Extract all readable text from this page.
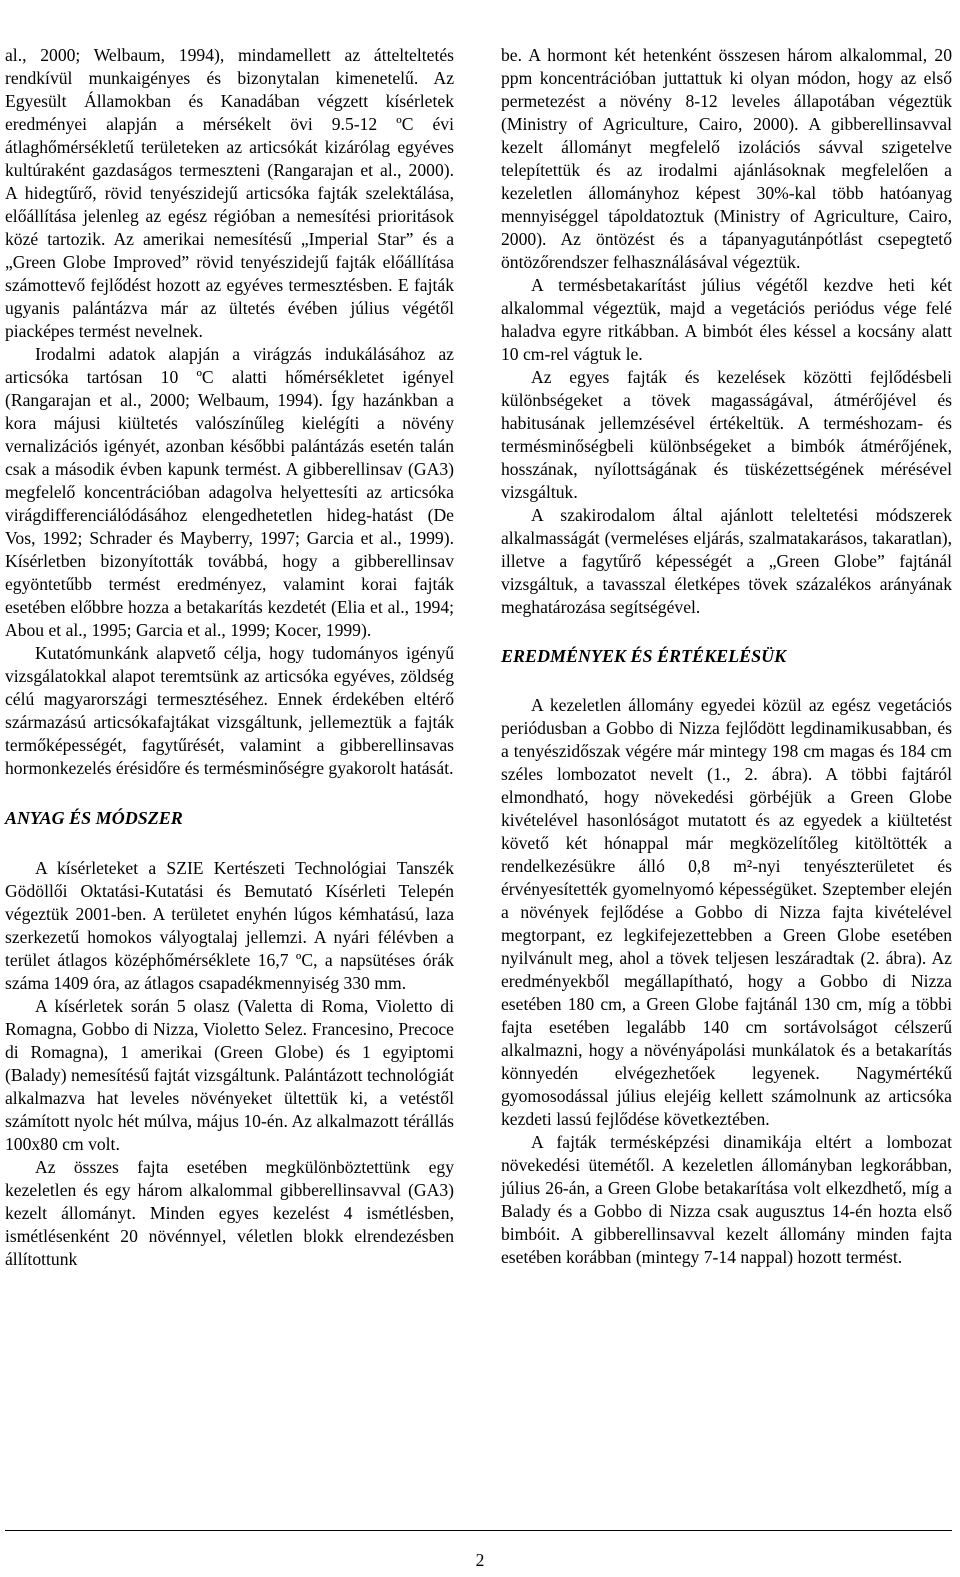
al., 2000; Welbaum, 1994), mindamellett az áttelteltetés rendkívül munkaigényes és bizonytalan kimenetelű. Az Egyesült Államokban és Kanadában végzett kísérletek eredményei alapján a mérsékelt övi 9.5-12 ºC évi átlaghőmérsékletű területeken az articsókát kizárólag egyéves kultúraként gazdaságos termeszteni (Rangarajan et al., 2000). A hidegtűrő, rövid tenyészidejű articsóka fajták szelektálása, előállítása jelenleg az egész régióban a nemesítési prioritások közé tartozik. Az amerikai nemesítésű „Imperial Star” és a „Green Globe Improved” rövid tenyészidejű fajták előállítása számottevő fejlődést hozott az egyéves termesztésben. E fajták ugyanis palántázva már az ültetés évében július végétől piacképes termést nevelnek.

Irodalmi adatok alapján a virágzás indukálásához az articsóka tartósan 10 ºC alatti hőmérsékletet igényel (Rangarajan et al., 2000; Welbaum, 1994). Így hazánkban a kora májusi kiültetés valószínűleg kielégíti a növény vernalizációs igényét, azonban későbbi palántázás esetén talán csak a második évben kapunk termést. A gibberellinsav (GA3) megfelelő koncentrációban adagolva helyettesíti az articsóka virágdifferenciálódásához elengedhetetlen hideg-hatást (De Vos, 1992; Schrader és Mayberry, 1997; Garcia et al., 1999). Kísérletben bizonyították továbbá, hogy a gibberellinsav egyöntetűbb termést eredményez, valamint korai fajták esetében előbbre hozza a betakarítás kezdetét (Elia et al., 1994; Abou et al., 1995; Garcia et al., 1999; Kocer, 1999).

Kutatómunkánk alapvető célja, hogy tudományos igényű vizsgálatokkal alapot teremtsünk az articsóka egyéves, zöldség célú magyarországi termesztéséhez. Ennek érdekében eltérő származású articsókafajtákat vizsgáltunk, jellemeztük a fajták termőképességét, fagytűrését, valamint a gibberellinsavas hormonkezelés érésidőre és termésminőségre gyakorolt hatását.

ANYAG ÉS MÓDSZER

A kísérleteket a SZIE Kertészeti Technológiai Tanszék Gödöllői Oktatási-Kutatási és Bemutató Kísérleti Telepén végeztük 2001-ben. A területet enyhén lúgos kémhatású, laza szerkezetű homokos vályogtalaj jellemzi. A nyári félévben a terület átlagos középhőmérséklete 16,7 ºC, a napsütéses órák száma 1409 óra, az átlagos csapadékmennyiség 330 mm.

A kísérletek során 5 olasz (Valetta di Roma, Violetto di Romagna, Gobbo di Nizza, Violetto Selez. Francesino, Precoce di Romagna), 1 amerikai (Green Globe) és 1 egyiptomi (Balady) nemesítésű fajtát vizsgáltunk. Palántázott technológiát alkalmazva hat leveles növényeket ültettük ki, a vetéstől számított nyolc hét múlva, május 10-én. Az alkalmazott térállás 100x80 cm volt.

Az összes fajta esetében megkülönböztettünk egy kezeletlen és egy három alkalommal gibberellinsavval (GA3) kezelt állományt. Minden egyes kezelést 4 ismétlésben, ismétlésenként 20 növénnyel, véletlen blokk elrendezésben állítottunk

be. A hormont két hetenként összesen három alkalommal, 20 ppm koncentrációban juttattuk ki olyan módon, hogy az első permetezést a növény 8-12 leveles állapotában végeztük (Ministry of Agriculture, Cairo, 2000). A gibberellinsavval kezelt állományt megfelelő izolációs sávval szigetelve telepítettük és az irodalmi ajánlásoknak megfelelően a kezeletlen állományhoz képest 30%-kal több hatóanyag mennyiséggel tápoldatoztuk (Ministry of Agriculture, Cairo, 2000). Az öntözést és a tápanyagutánpótlást csepegtető öntözőrendszer felhasználásával végeztük.

A termésbetakarítást július végétől kezdve heti két alkalommal végeztük, majd a vegetációs periódus vége felé haladva egyre ritkábban. A bimbót éles késsel a kocsány alatt 10 cm-rel vágtuk le.

Az egyes fajták és kezelések közötti fejlődésbeli különbségeket a tövek magasságával, átmérőjével és habitusának jellemzésével értékeltük. A terméshozam- és termésminőségbeli különbségeket a bimbók átmérőjének, hosszának, nyílottságának és tüskézettségének mérésével vizsgáltuk.

A szakirodalom által ajánlott teleltetési módszerek alkalmasságát (vermeléses eljárás, szalmatakarásos, takaratlan), illetve a fagytűrő képességét a „Green Globe” fajtánál vizsgáltuk, a tavasszal életképes tövek százalékos arányának meghatározása segítségével.

EREDMÉNYEK ÉS ÉRTÉKELÉSÜK

A kezeletlen állomány egyedei közül az egész vegetációs periódusban a Gobbo di Nizza fejlődött legdinamikusabban, és a tenyészidőszak végére már mintegy 198 cm magas és 184 cm széles lombozatot nevelt (1., 2. ábra). A többi fajtáról elmondható, hogy növekedési görbéjük a Green Globe kivételével hasonlóságot mutatott és az egyedek a kiültetést követő két hónappal már megközelítőleg kitöltötték a rendelkezésükre álló 0,8 m²-nyi tenyészterületet és érvényesítették gyomelnyomó képességüket. Szeptember elején a növények fejlődése a Gobbo di Nizza fajta kivételével megtorpant, ez legkifejezettebben a Green Globe esetében nyilvánult meg, ahol a tövek teljesen leszáradtak (2. ábra). Az eredményekből megállapítható, hogy a Gobbo di Nizza esetében 180 cm, a Green Globe fajtánál 130 cm, míg a többi fajta esetében legalább 140 cm sortávolságot célszerű alkalmazni, hogy a növényápolási munkálatok és a betakarítás könnyedén elvégezhetőek legyenek. Nagymértékű gyomosodással július elejéig kellett számolnunk az articsóka kezdeti lassú fejlődése következtében.

A fajták termésképzési dinamikája eltért a lombozat növekedési ütemétől. A kezeletlen állományban legkorábban, július 26-án, a Green Globe betakarítása volt elkezdhető, míg a Balady és a Gobbo di Nizza csak augusztus 14-én hozta első bimbóit. A gibberellinsavval kezelt állomány minden fajta esetében korábban (mintegy 7-14 nappal) hozott termést.

2
